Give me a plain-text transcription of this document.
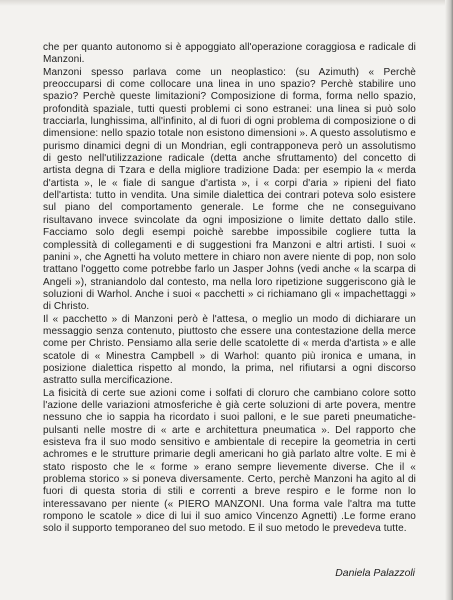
che per quanto autonomo si è appoggiato all'operazione coraggiosa e radicale di Manzoni.

Manzoni spesso parlava come un neoplastico: (su Azimuth) « Perchè preoccuparsi di come collocare una linea in uno spazio? Perchè stabilire uno spazio? Perchè queste limitazioni? Composizione di forma, forma nello spazio, profondità spaziale, tutti questi problemi ci sono estranei: una linea si può solo tracciarla, lunghissima, all'infinito, al di fuori di ogni problema di composizione o di dimensione: nello spazio totale non esistono dimensioni ». A questo assolutismo e purismo dinamici degni di un Mondrian, egli contrapponeva però un assolutismo di gesto nell'utilizzazione radicale (detta anche sfruttamento) del concetto di artista degna di Tzara e della migliore tradizione Dada: per esempio la « merda d'artista », le « fiale di sangue d'artista », i « corpi d'aria » ripieni del fiato dell'artista: tutto in vendita. Una simile dialettica dei contrari poteva solo esistere sul piano del comportamento generale. Le forme che ne conseguivano risultavano invece svincolate da ogni imposizione o limite dettato dallo stile. Facciamo solo degli esempi poichè sarebbe impossibile cogliere tutta la complessità di collegamenti e di suggestioni fra Manzoni e altri artisti. I suoi « panini », che Agnetti ha voluto mettere in chiaro non avere niente di pop, non solo trattano l'oggetto come potrebbe farlo un Jasper Johns (vedi anche « la scarpa di Angeli »), straniandolo dal contesto, ma nella loro ripetizione suggeriscono già le soluzioni di Warhol. Anche i suoi « pacchetti » ci richiamano gli « impachettaggi » di Christo.

Il « pacchetto » di Manzoni però è l'attesa, o meglio un modo di dichiarare un messaggio senza contenuto, piuttosto che essere una contestazione della merce come per Christo. Pensiamo alla serie delle scatolette di « merda d'artista » e alle scatole di « Minestra Campbell » di Warhol: quanto più ironica e umana, in posizione dialettica rispetto al mondo, la prima, nel rifiutarsi a ogni discorso astratto sulla mercificazione.

La fisicità di certe sue azioni come i solfati di cloruro che cambiano colore sotto l'azione delle variazioni atmosferiche è già certe soluzioni di arte povera, mentre nessuno che io sappia ha ricordato i suoi palloni, e le sue pareti pneumatiche-pulsanti nelle mostre di « arte e architettura pneumatica ». Del rapporto che esisteva fra il suo modo sensitivo e ambientale di recepire la geometria in certi achromes e le strutture primarie degli americani ho già parlato altre volte. E mi è stato risposto che le « forme » erano sempre lievemente diverse. Che il « problema storico » si poneva diversamente. Certo, perchè Manzoni ha agito al di fuori di questa storia di stili e correnti a breve respiro e le forme non lo interessavano per niente (« PIERO MANZONI. Una forma vale l'altra ma tutte rompono le scatole » dice di lui il suo amico Vincenzo Agnetti) .Le forme erano solo il supporto temporaneo del suo metodo. E il suo metodo le prevedeva tutte.

Daniela Palazzoli
